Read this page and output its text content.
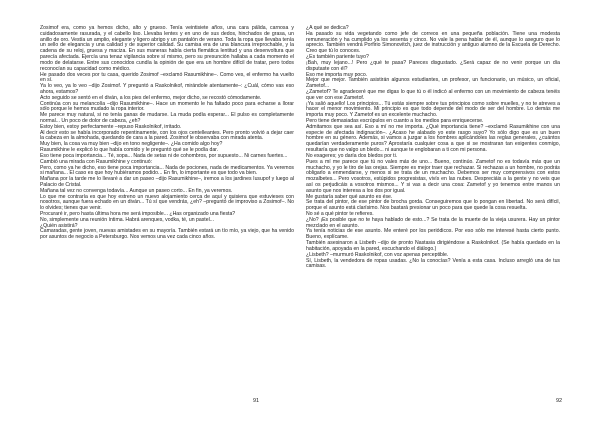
Zosimof era, como ya hemos dicho, alto y grueso. Tenía veintisiete años, una cara pálida, carnosa y cuidadosamente rasurada, y el cabello liso. Llevaba lentes y en uno de sus dedos, hinchados de grasa, un anillo de oro. Vestía un amplio, elegante y ligero abrigo y un pantalón de verano. Toda la ropa que llevaba tenía un sello de elegancia y una calidad y de superior calidad. Su camisa era de una blancura irreprochable, y la cadena de su reloj, gruesa y maciza. En sus maneras había cierta flemática lentitud y una desenvoltura que parecía afectada. Ejercía una tenaz vigilancia sobre sí mismo, pero su presunción hallaba a cada momento el modo de delatarse. Entre sus conocidos cundía la opinión de que era un hombre difícil de tratar, pero todos reconocían su capacidad como médico.

He pasado dos veces por tu casa, querido Zosimof –exclamó Rasumikhine–. Como ves, el enfermo ha vuelto en sí.

Ya lo veo, ya lo veo –dijo Zosimof. Y preguntó a Raskolnikof, mirándole atentamente–: ¿Cuál, cómo vas eso ahora, estamos?

Acto seguido se sentó en el diván, a los pies del enfermo, mejor dicho, se recostó cómodamente.

Continúa con su melancolía –dijo Rasumikhine–. Hace un momento le ha faltado poco para echarse a llorar sólo porque le hemos mudado la ropa interior.

Me parece muy natural, si no tenía ganas de mudarse. La muda podía esperar... El pulso es completamente normal... Un poco de dolor de cabeza, ¿eh?

Estoy bien, estoy perfectamente –repuso Raskolnikof, irritado.

Al decir esto se había incorporado repentinamente, con los ojos centelleantes. Pero pronto volvió a dejar caer la cabeza en la almohada, quedando de cara a la pared. Zosimof le observaba con mirada atenta.

Muy bien, la cosa va muy bien –dijo en tono negligente–. ¿Ha comido algo hoy?

Rasumikhine le explicó lo que había comido y le preguntó qué se le podía dar.

Eso tiene poca importancia... Té, sopa... Nada de setas ni de cohombros, por supuesto... Ni carnes fuertes...

Cambió una mirada con Rasumikhine y continuó:

Pero, como ya he dicho, eso tiene poca importancia... Nada de pociones, nada de medicamentos. Ya veremos si mañana... El caso es que hoy hubiéramos podido... En fin, lo importante es que todo va bien.

Mañana por la tarde me lo llevaré a dar un paseo –dijo Rasumikhine–, iremos a los jardines Iusupof y luego al Palacio de Cristal.

Mañana tal vez no convenga todavía... Aunque un paseo corto... En fin, ya veremos.

Lo que me contraría es que hoy estreno un nuevo alojamiento cerca de aquí y quisiera que estuvieses con nosotros, aunque fuera echado en un diván... Tú sí que vendrás, ¿eh? –preguntó de improviso a Zosimof–. No lo olvides; tienes que venir.

Procuraré ir, pero hasta última hora me será imposible... ¿Has organizado una fiesta?

No, simplemente una reunión íntima. Habrá arenques, vodka, té, un pastel...

¿Quién asistirá?

Camaradas, gente joven, nuevas amistades en su mayoría. También estará un tío mío, ya viejo, que ha venido por asuntos de negocio a Petersburgo. Nos vemos una vez cada cinco años.

¿A qué se dedica?

Ha pasado su vida vegetando como jefe de correos en una pequeña población. Tiene una modesta remuneración y ha cumplido ya los sesenta y cinco. No vale la pena hablar de él, aunque lo aseguro que lo aprecio. También vendrá Porfirio Simonovitch, juez de instrucción y antiguo alumno de la Escuela de Derecho. Creo que tú lo conoces.

¿Es también pariente tuyo?

¡Bah, muy lejano...! Pero ¿qué te pasa? Pareces disgustado. ¿Será capaz de no venir porque un día disputaste con él?

Eso me importa muy poco.

Mejor que mejor. También asistirán algunos estudiantes, un profesor, un funcionario, un músico, un oficial, Zametof...

¿Zametof? Te agradeceré que me digas lo que tú o él indicó al enfermo con un movimiento de cabeza tenéis que ver con ese Zametof.

¡Ya salió aquello! Los principios... Tú estás siempre sobre tus principios como sobre muelles, y no te atreves a hacer el menor movimiento. Mi principio es que todo depende del modo de ser del hombre. Lo demás me importa muy poco. Y Zametof es un excelente muchacho.

Pero tiene demasiadas escrúpulos en cuanto a los medios para enriquecerse.

Admitamos que sea así. Eso a mí no me importa. ¿Qué importancia tiene? –exclamó Rasumikhine con una especie de afectada indignación–. ¿Acaso he alabado yo este rasgo suyo? Yo sólo digo que es un buen hombre en su género. Además, si vamos a juzgar a los hombres aplicándoles las reglas generales, ¿cuántos quedarían verdaderamente puros? Aprostaría cualquier cosa a que si se mostraran tan exigentes conmigo, resultaría que no valgo un bledo... ni aunque te englobaran a ti con mi persona.

No exageres; yo daría dos bledos por ti.

Pues a mí me parece que tú no vales más de uno... Bueno, continúo. Zametof no es todavía más que un muchacho, y yo le tiro de las orejas. Siempre es mejor traer que rechazar. Si rechazas a un hombre, no podrás obligarlo a enmendarse, y menos si se trata de un muchacho. Debemos ser muy comprensivos con estos mozalbetes... Pero vosotros, estúpidos progresistas, vivís en las nubes. Despreciáis a la gente y no veis que así os perjudicáis a vosotros mismos... Y si vas a decir una cosa: Zametof y yo tenemos entre manos un asunto que nos interesa a los dos por igual.

Me gustaría saber qué asunto es ése.

Se trata del pintor, de ese pintor de brocha gorda. Conseguiremos que lo pongan en libertad. No será difícil, porque el asunto está clarísimo. Nos bastará presionar un poco para que quede la cosa resuelta.

No sé a qué pintor te refieres.

¿No? ¡Es posible que no te haya hablado de esto...? Se trata de la muerte de la vieja usurera. Hay un pintor mezclado en el asunto.

Ya tenía noticias de ese asunto. Me enteré por los periódicos. Por eso sólo me interesé hasta cierto punto. Bueno, explícame.

También asesinaron a Lisbeth –dijo de pronto Nastasia dirigiéndose a Raskolnikof. (Se había quedado en la habitación, apoyada en la pared, escuchando el diálogo.)

¿Lisbeth? –murmuró Raskolnikof, con voz apenas perceptible.

Sí, Lisbeth, la vendedora de ropas usadas. ¿No la conocías? Venía a esta casa. Incluso arregló una de tus camisas.

91	92
